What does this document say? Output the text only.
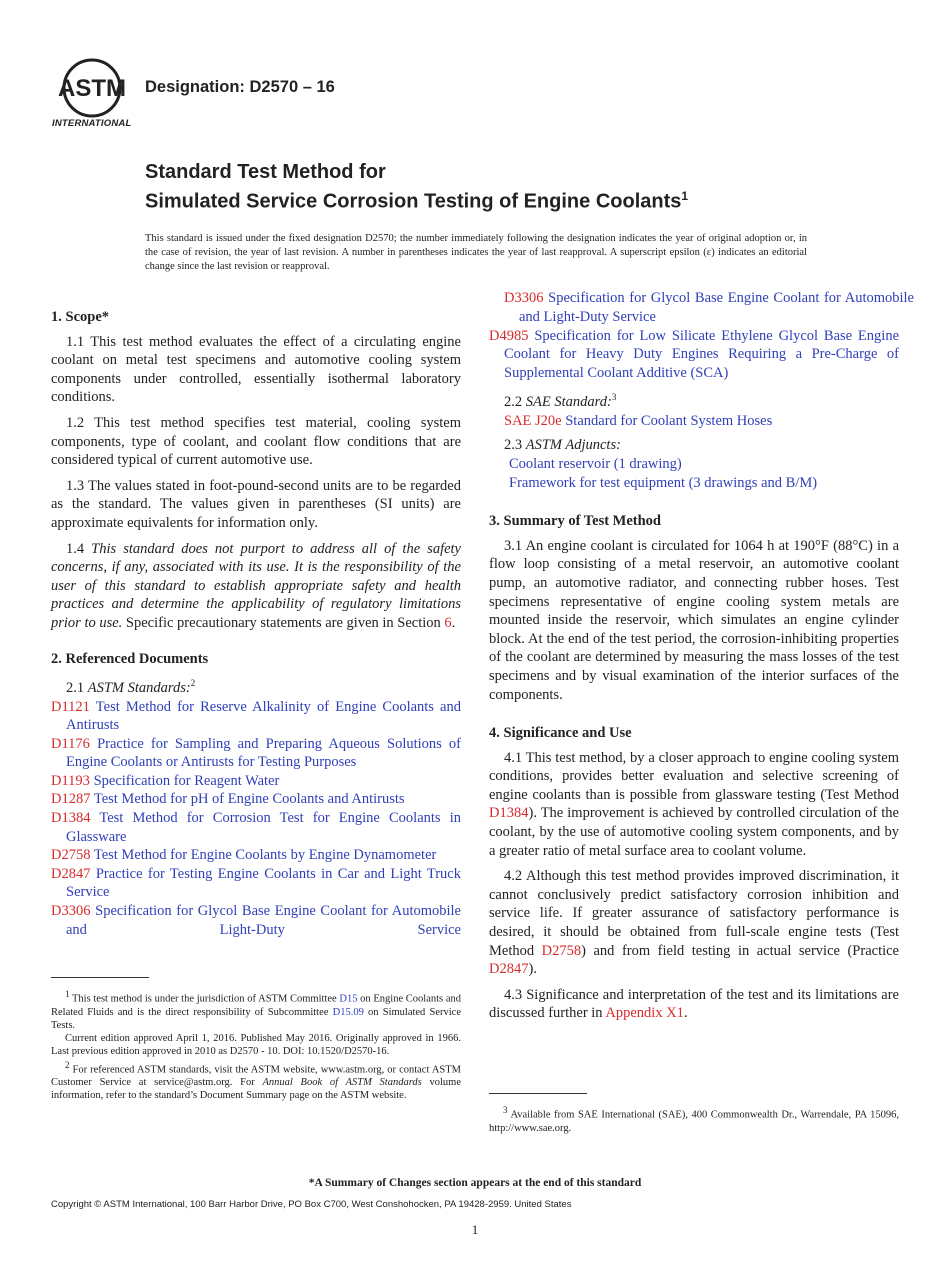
ASTM
INTERNATIONAL
Designation: D2570 – 16
Standard Test Method for
Simulated Service Corrosion Testing of Engine Coolants$^1$
This standard is issued under the fixed designation D2570; the number immediately following the designation indicates the year of original adoption or, in the case of revision, the year of last revision. A number in parentheses indicates the year of last reapproval. A superscript epsilon (ε) indicates an editorial change since the last revision or reapproval.
1. Scope*

1.1 This test method evaluates the effect of a circulating engine coolant on metal test specimens and automotive cooling system components under controlled, essentially isothermal laboratory conditions.

1.2 This test method specifies test material, cooling system components, type of coolant, and coolant flow conditions that are considered typical of current automotive use.

1.3 The values stated in foot-pound-second units are to be regarded as the standard. The values given in parentheses (SI units) are approximate equivalents for information only.

1.4 This standard does not purport to address all of the safety concerns, if any, associated with its use. It is the responsibility of the user of this standard to establish appropriate safety and health practices and determine the applicability of regulatory limitations prior to use. Specific precautionary statements are given in Section 6.

2. Referenced Documents
2.1 ASTM Standards:$^2$
D1121 Test Method for Reserve Alkalinity of Engine Coolants and Antirusts
D1176 Practice for Sampling and Preparing Aqueous Solutions of Engine Coolants or Antirusts for Testing Purposes
D1193 Specification for Reagent Water
D1287 Test Method for pH of Engine Coolants and Antirusts
D1384 Test Method for Corrosion Test for Engine Coolants in Glassware
D2758 Test Method for Engine Coolants by Engine Dynamometer
D2847 Practice for Testing Engine Coolants in Car and Light Truck Service
D3306 Specification for Glycol Base Engine Coolant for Automobile and Light-Duty Service
D3306 Specification for Glycol Base Engine Coolant for Automobile and Light-Duty Service
D4985 Specification for Low Silicate Ethylene Glycol Base Engine Coolant for Heavy Duty Engines Requiring a Pre-Charge of Supplemental Coolant Additive (SCA)
2.2 SAE Standard:$^3$
SAE J20e Standard for Coolant System Hoses
2.3 ASTM Adjuncts:
Coolant reservoir (1 drawing)
Framework for test equipment (3 drawings and B/M)
3. Summary of Test Method

3.1 An engine coolant is circulated for 1064 h at 190°F (88°C) in a flow loop consisting of a metal reservoir, an automotive coolant pump, an automotive radiator, and connecting rubber hoses. Test specimens representative of engine cooling system metals are mounted inside the reservoir, which simulates an engine cylinder block. At the end of the test period, the corrosion-inhibiting properties of the coolant are determined by measuring the mass losses of the test specimens and by visual examination of the interior surfaces of the components.

4. Significance and Use

4.1 This test method, by a closer approach to engine cooling system conditions, provides better evaluation and selective screening of engine coolants than is possible from glassware testing (Test Method D1384). The improvement is achieved by controlled circulation of the coolant, by the use of automotive cooling system components, and by a greater ratio of metal surface area to coolant volume.

4.2 Although this test method provides improved discrimination, it cannot conclusively predict satisfactory corrosion inhibition and service life. If greater assurance of satisfactory performance is desired, it should be obtained from full-scale engine tests (Test Method D2758) and from field testing in actual service (Practice D2847).

4.3 Significance and interpretation of the test and its limitations are discussed further in Appendix X1.

$^1$ This test method is under the jurisdiction of ASTM Committee D15 on Engine Coolants and Related Fluids and is the direct responsibility of Subcommittee D15.09 on Simulated Service Tests.

Current edition approved April 1, 2016. Published May 2016. Originally approved in 1966. Last previous edition approved in 2010 as D2570 - 10. DOI: 10.1520/D2570-16.

$^2$ For referenced ASTM standards, visit the ASTM website, www.astm.org, or contact ASTM Customer Service at service@astm.org. For Annual Book of ASTM Standards volume information, refer to the standard’s Document Summary page on the ASTM website.

$^3$ Available from SAE International (SAE), 400 Commonwealth Dr., Warrendale, PA 15096, http://www.sae.org.

*A Summary of Changes section appears at the end of this standard
Copyright © ASTM International, 100 Barr Harbor Drive, PO Box C700, West Conshohocken, PA 19428-2959. United States
1
